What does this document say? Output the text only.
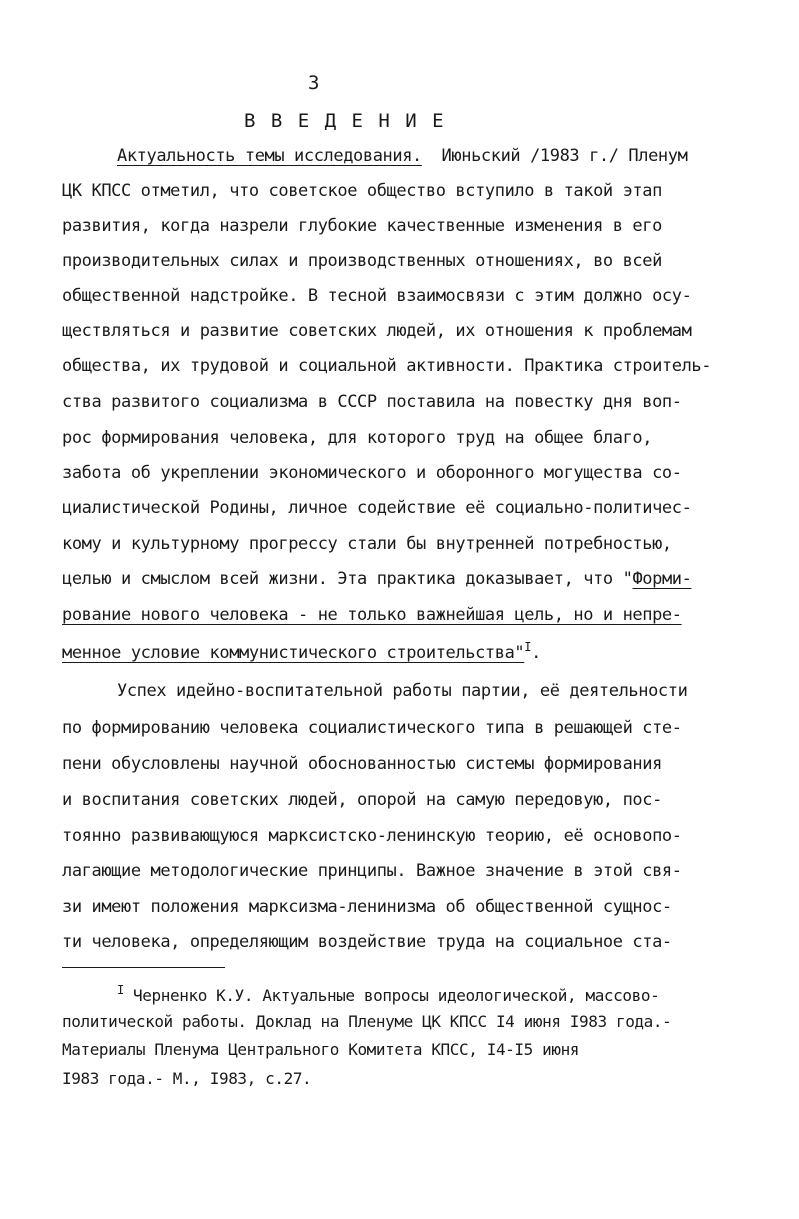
3
В В Е Д Е Н И Е
Актуальность темы исследования.  Июньский /1983 г./ Пленум
ЦК КПСС отметил, что советское общество вступило в такой этап
развития, когда назрели глубокие качественные изменения в его
производительных силах и производственных отношениях, во всей
общественной надстройке. В тесной взаимосвязи с этим должно осу-
ществляться и развитие советских людей, их отношения к проблемам
общества, их трудовой и социальной активности. Практика строитель-
ства развитого социализма в СССР поставила на повестку дня воп-
рос формирования человека, для которого труд на общее благо,
забота об укреплении экономического и оборонного могущества со-
циалистической Родины, личное содействие её социально-политичес-
кому и культурному прогрессу стали бы внутренней потребностью,
целью и смыслом всей жизни. Эта практика доказывает, что "Форми-
рование нового человека - не только важнейшая цель, но и непре-
менное условие коммунистического строительства"$^I$.
Успех идейно-воспитательной работы партии, её деятельности
по формированию человека социалистического типа в решающей сте-
пени обусловлены научной обоснованностью системы формирования
и воспитания советских людей, опорой на самую передовую, пос-
тоянно развивающуюся марксистско-ленинскую теорию, её основопо-
лагающие методологические принципы. Важное значение в этой свя-
зи имеют положения марксизма-ленинизма об общественной сущнос-
ти человека, определяющим воздействие труда на социальное ста-
$^I$ Черненко К.У. Актуальные вопросы идеологической, массово-
политической работы. Доклад на Пленуме ЦК КПСС I4 июня I983 года.-
Материалы Пленума Центрального Комитета КПСС, I4-I5 июня
I983 года.- М., I983, с.27.
